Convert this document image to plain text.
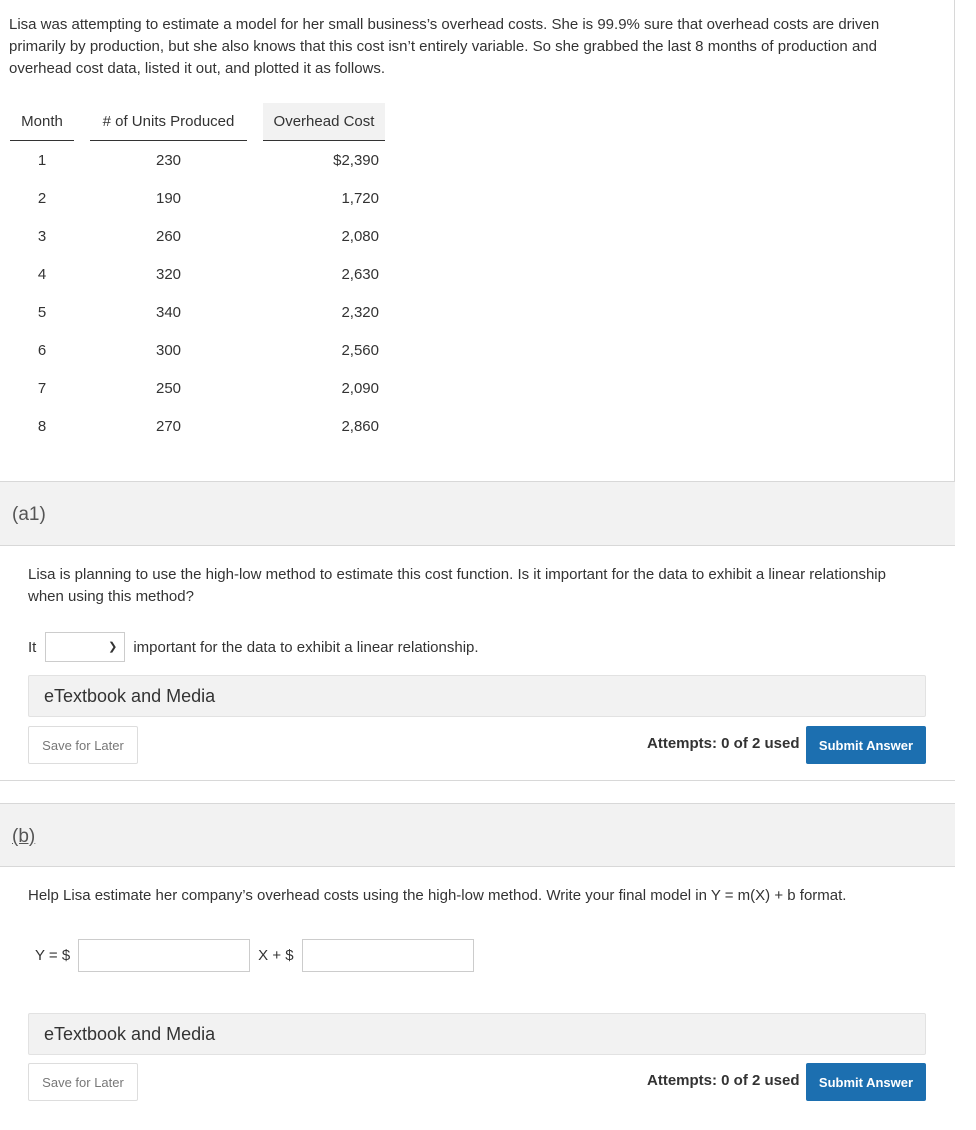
Lisa was attempting to estimate a model for her small business’s overhead costs. She is 99.9% sure that overhead costs are driven primarily by production, but she also knows that this cost isn’t entirely variable. So she grabbed the last 8 months of production and overhead cost data, listed it out, and plotted it as follows.
Month		# of Units Produced		Overhead Cost
1		230		$2,390
2		190		1,720
3		260		2,080
4		320		2,630
5		340		2,320
6		300		2,560
7		250		2,090
8		270		2,860
(a1)
Lisa is planning to use the high-low method to estimate this cost function. Is it important for the data to exhibit a linear relationship when using this method?
It	❯ important for the data to exhibit a linear relationship.
eTextbook and Media
Save for Later	Attempts: 0 of 2 used	Submit Answer
(b)
Help Lisa estimate her company’s overhead costs using the high-low method. Write your final model in Y = m(X) + b format.
Y = $	X + $
eTextbook and Media
Save for Later	Attempts: 0 of 2 used	Submit Answer
